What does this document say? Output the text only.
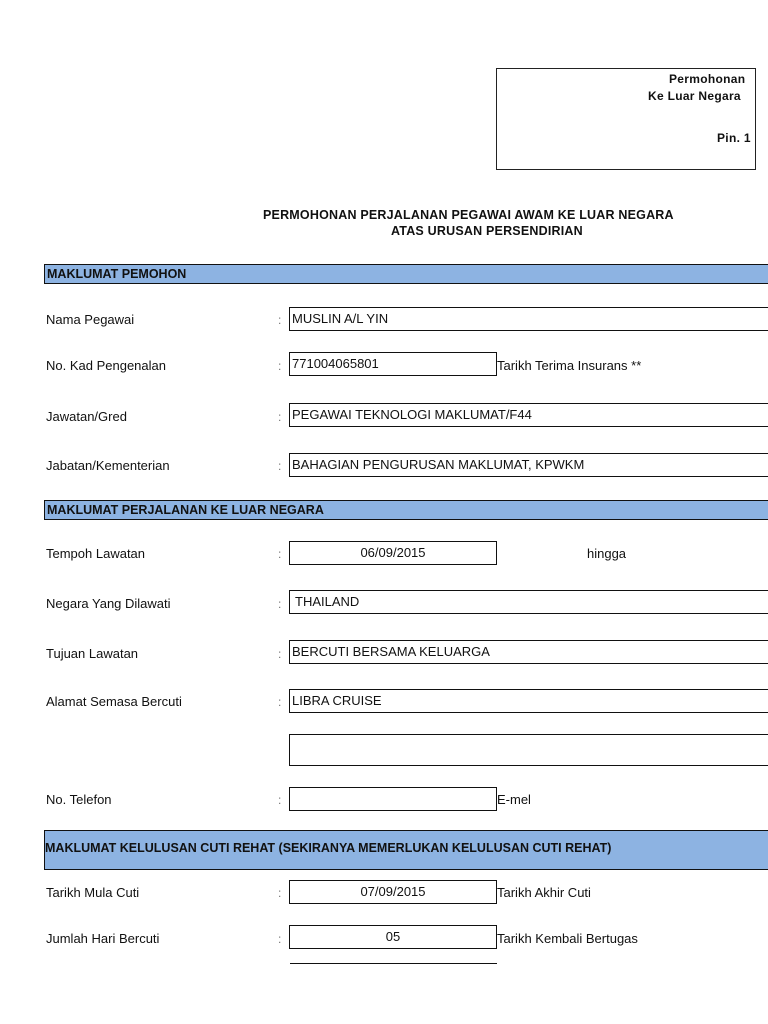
Permohonan
Ke Luar Negara
Pin. 1
PERMOHONAN PERJALANAN PEGAWAI AWAM KE LUAR NEGARA
ATAS URUSAN PERSENDIRIAN
MAKLUMAT PEMOHON
Nama Pegawai	: MUSLIN A/L YIN
No. Kad Pengenalan	: 771004065801	Tarikh Terima Insurans **
Jawatan/Gred	: PEGAWAI TEKNOLOGI MAKLUMAT/F44
Jabatan/Kementerian	: BAHAGIAN PENGURUSAN MAKLUMAT, KPWKM
MAKLUMAT PERJALANAN KE LUAR NEGARA
Tempoh Lawatan	:	06/09/2015	hingga
Negara Yang Dilawati	:	THAILAND
Tujuan Lawatan	: BERCUTI BERSAMA KELUARGA
Alamat Semasa Bercuti	: LIBRA CRUISE
No. Telefon	:	E-mel
MAKLUMAT KELULUSAN CUTI REHAT (SEKIRANYA MEMERLUKAN KELULUSAN CUTI REHAT)
Tarikh Mula Cuti	:	07/09/2015	Tarikh Akhir Cuti
Jumlah Hari Bercuti	:	05	Tarikh Kembali Bertugas
